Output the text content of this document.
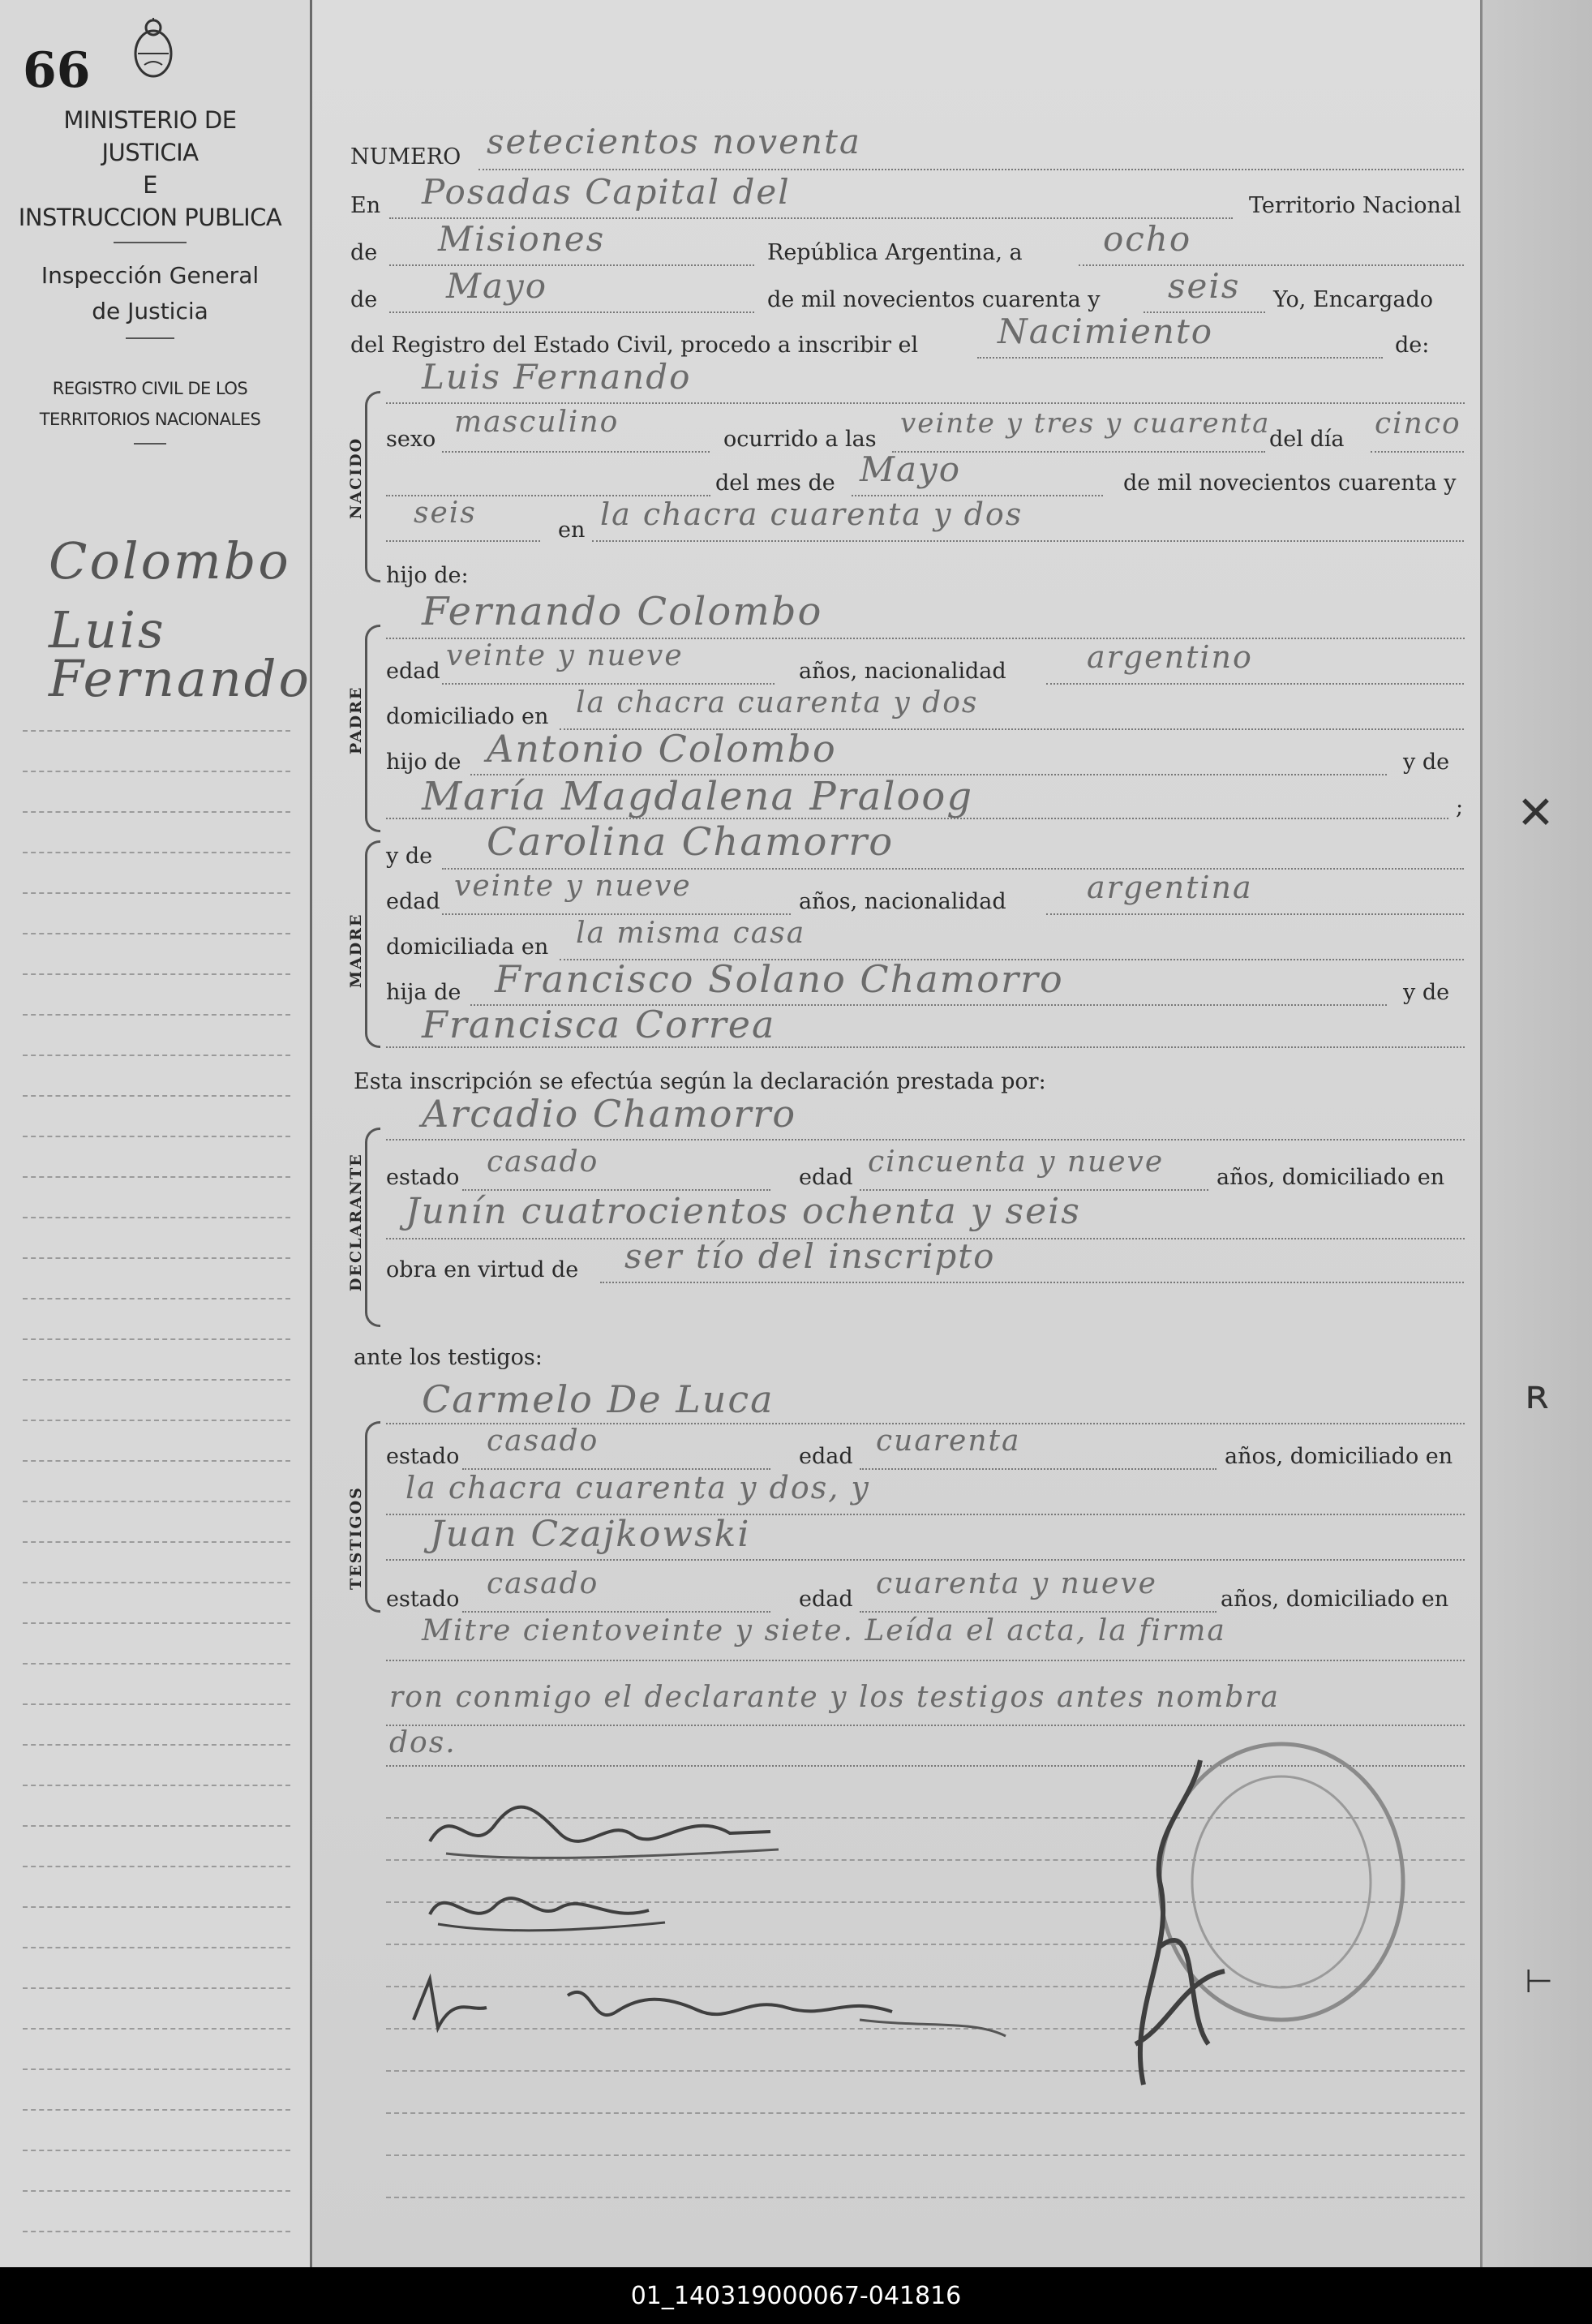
66
MINISTERIO DE JUSTICIA
E
INSTRUCCION PUBLICA
Inspección General
de Justicia
REGISTRO CIVIL DE LOS
TERRITORIOS NACIONALES
Colombo
Luis
Fernando
NUMERO setecientos noventa
En Posadas Capital del	Territorio Nacional
de Misiones	República Argentina, a ocho
de Mayo	de mil novecientos cuarenta y seis Yo, Encargado
del Registro del Estado Civil, procedo a inscribir el Nacimiento	de:
NACIDO
Luis Fernando
sexo
masculino
ocurrido a las veinte y tres y cuarenta
del día cinco
del mes de Mayo	de mil novecientos cuarenta y
seis
en la chacra cuarenta y dos
hijo de:
PADRE
Fernando Colombo
edad veinte y nueve	años, nacionalidad	argentino
domiciliado en la chacra cuarenta y dos
hijo de Antonio Colombo	y de
María Magdalena Praloog	;
MADRE
y de Carolina Chamorro
edad veinte y nueve	años, nacionalidad	argentina
domiciliada en la misma casa
hija de Francisco Solano Chamorro	y de
Francisca Correa
Esta inscripción se efectúa según la declaración prestada por:
DECLARANTE
Arcadio Chamorro
estado casado	edad cincuenta y nueve años, domiciliado en
Junín cuatrocientos ochenta y seis
obra en virtud de ser tío del inscripto
ante los testigos:
TESTIGOS
Carmelo De Luca
estado casado	edad cuarenta	años, domiciliado en
la chacra cuarenta y dos, y
Juan Czajkowski
estado casado	edad cuarenta y nueve	años, domiciliado en
Mitre cientoveinte y siete. Leída el acta, la firma
ron conmigo el declarante y los testigos antes nombra
dos.
✕
ʀ
⊢
01_140319000067-041816
